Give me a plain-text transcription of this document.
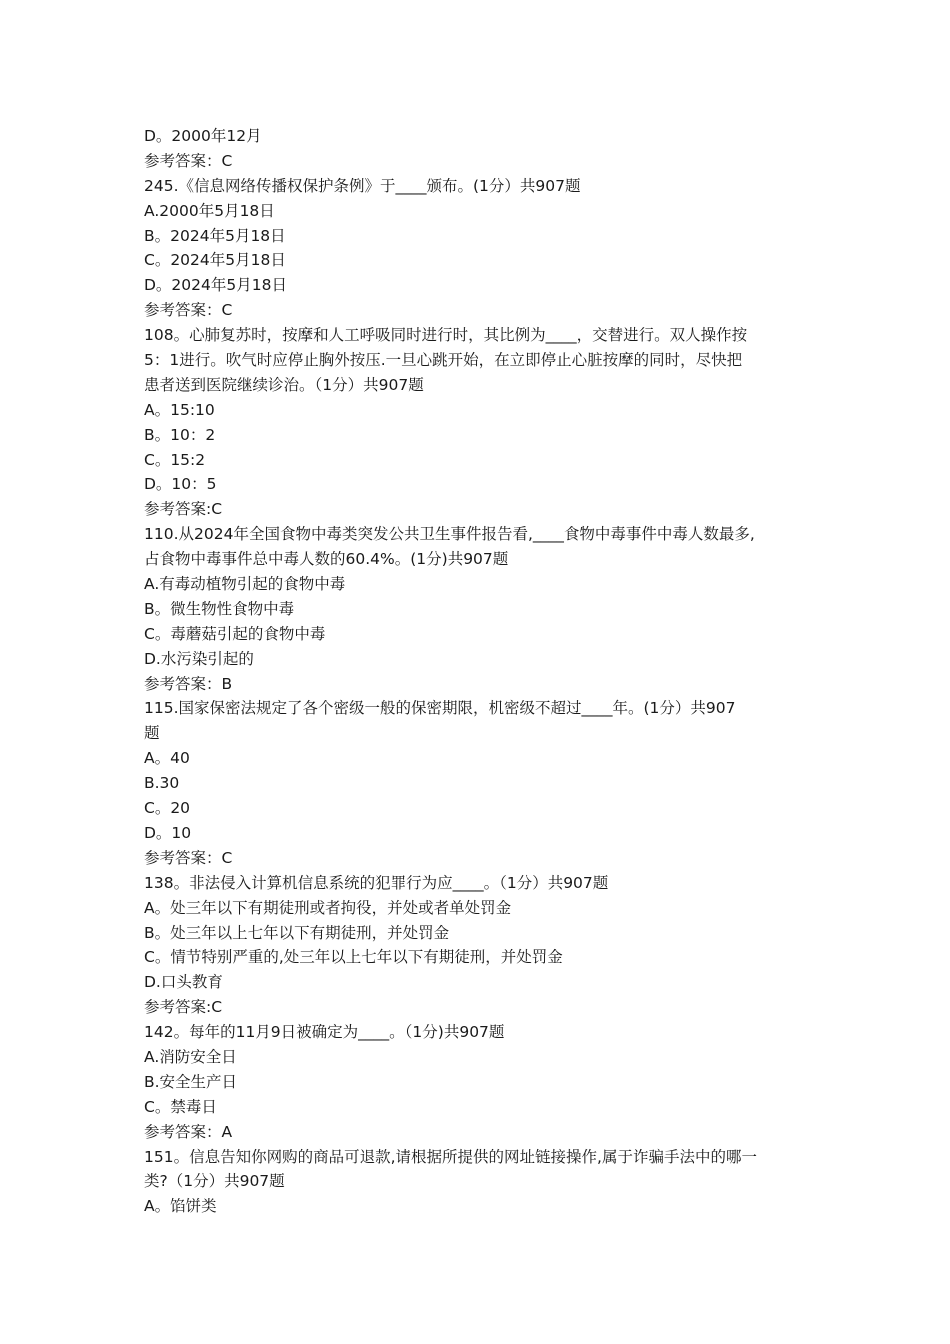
D。2000年12月
参考答案：C
245.《信息网络传播权保护条例》于____颁布。(1分）共907题
A.2000年5月18日
B。2024年5月18日
C。2024年5月18日
D。2024年5月18日
参考答案：C
108。心肺复苏时，按摩和人工呼吸同时进行时，其比例为____，交替进行。双人操作按
5：1进行。吹气时应停止胸外按压.一旦心跳开始，在立即停止心脏按摩的同时，尽快把
患者送到医院继续诊治。（1分）共907题
A。15:10
B。10：2
C。15:2
D。10：5
参考答案:C
110.从2024年全国食物中毒类突发公共卫生事件报告看,____食物中毒事件中毒人数最多,
占食物中毒事件总中毒人数的60.4%。(1分)共907题
A.有毒动植物引起的食物中毒
B。微生物性食物中毒
C。毒蘑菇引起的食物中毒
D.水污染引起的
参考答案：B
115.国家保密法规定了各个密级一般的保密期限，机密级不超过____年。(1分）共907
题
A。40
B.30
C。20
D。10
参考答案：C
138。非法侵入计算机信息系统的犯罪行为应____。（1分）共907题
A。处三年以下有期徒刑或者拘役，并处或者单处罚金
B。处三年以上七年以下有期徒刑，并处罚金
C。情节特别严重的,处三年以上七年以下有期徒刑，并处罚金
D.口头教育
参考答案:C
142。每年的11月9日被确定为____。（1分)共907题
A.消防安全日
B.安全生产日
C。禁毒日
参考答案：A
151。信息告知你网购的商品可退款,请根据所提供的网址链接操作,属于诈骗手法中的哪一
类?（1分）共907题
A。馅饼类
